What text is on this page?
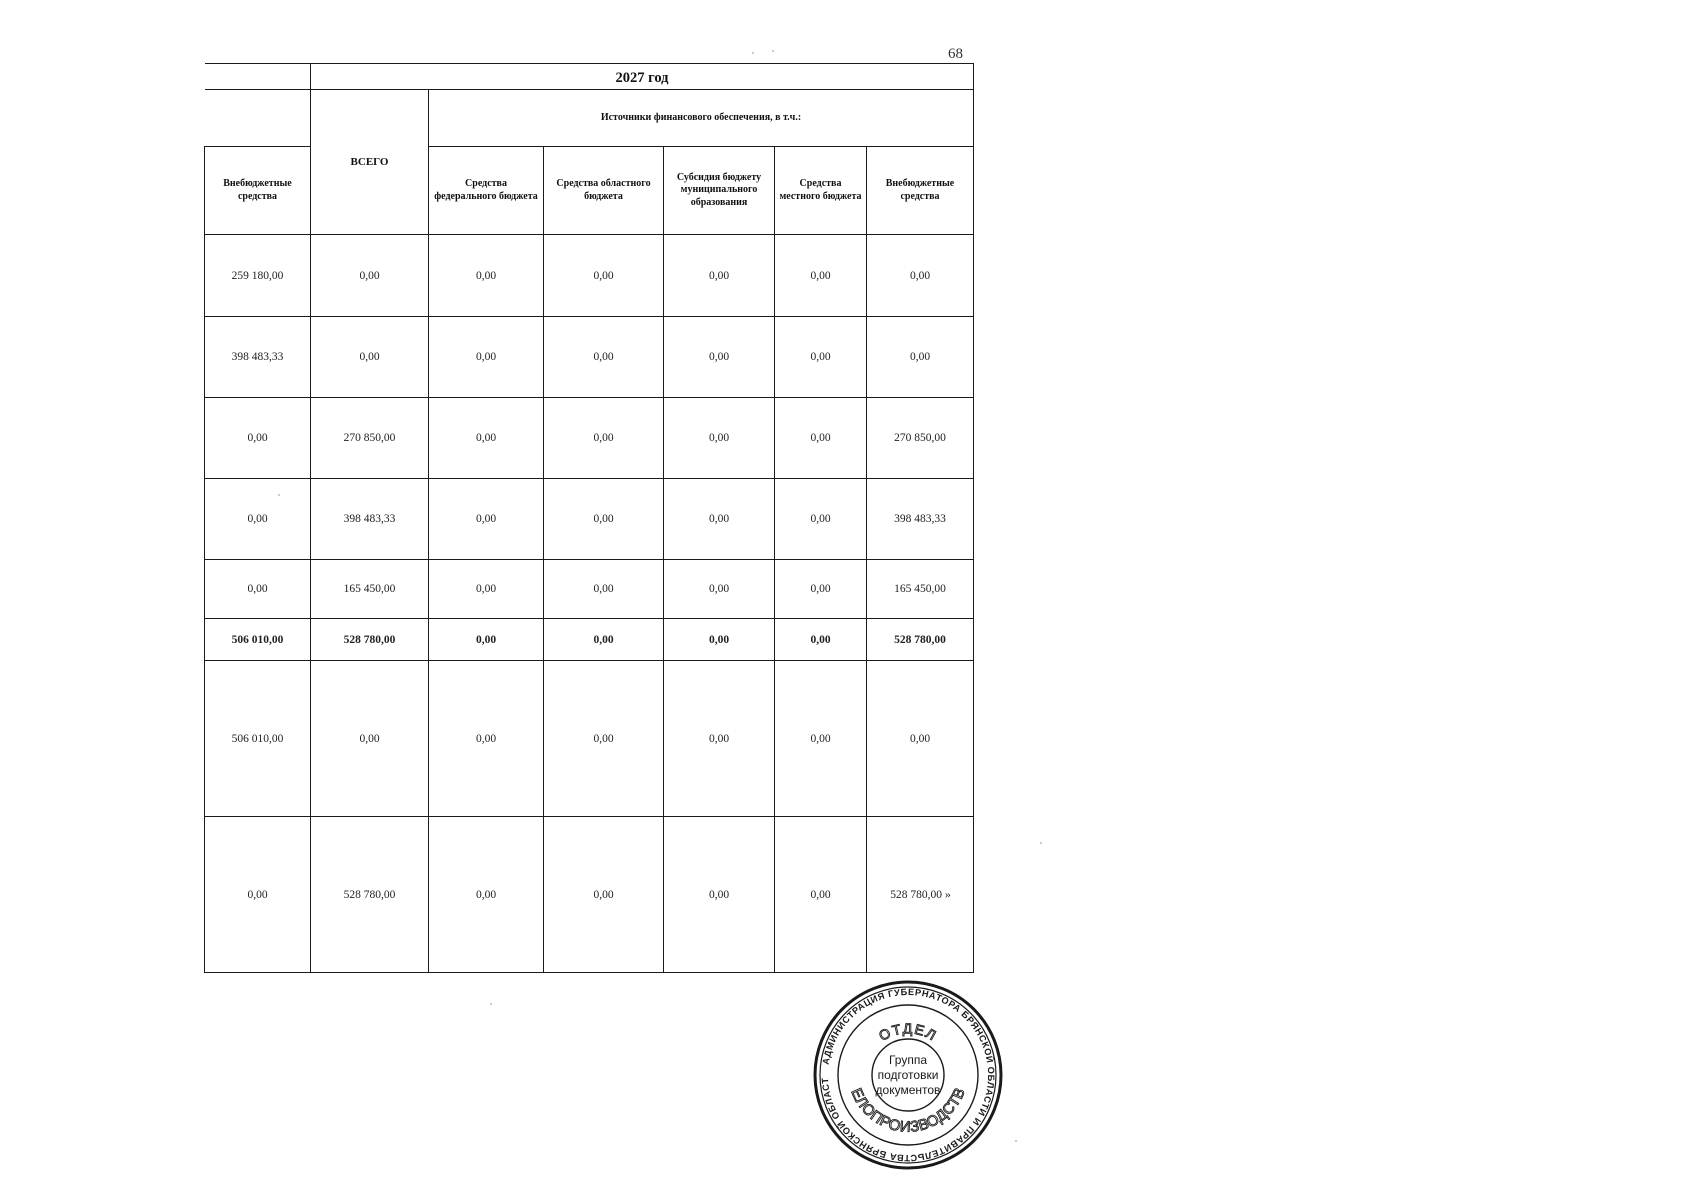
68
	2027 год					
	ВСЕГО	Источники финансового обеспечения, в т.ч.:				
Внебюджетные средства		Средства федерального бюджета	Средства областного бюджета	Субсидия бюджету муниципального образования	Средства местного бюджета	Внебюджетные средства
259 180,00	0,00	0,00	0,00	0,00	0,00	0,00
398 483,33	0,00	0,00	0,00	0,00	0,00	0,00
0,00	270 850,00	0,00	0,00	0,00	0,00	270 850,00
0,00	398 483,33	0,00	0,00	0,00	0,00	398 483,33
0,00	165 450,00	0,00	0,00	0,00	0,00	165 450,00
506 010,00	528 780,00	0,00	0,00	0,00	0,00	528 780,00
506 010,00	0,00	0,00	0,00	0,00	0,00	0,00
0,00	528 780,00	0,00	0,00	0,00	0,00	528 780,00 »
АДМИНИСТРАЦИЯ ГУБЕРНАТОРА БРЯНСКОЙ ОБЛАСТИ И ПРАВИТЕЛЬСТВА БРЯНСКОЙ ОБЛАСТ
ОТДЕЛ
ЕЛОПРОИЗВОДСТВ
Группа
подготовки
документов
